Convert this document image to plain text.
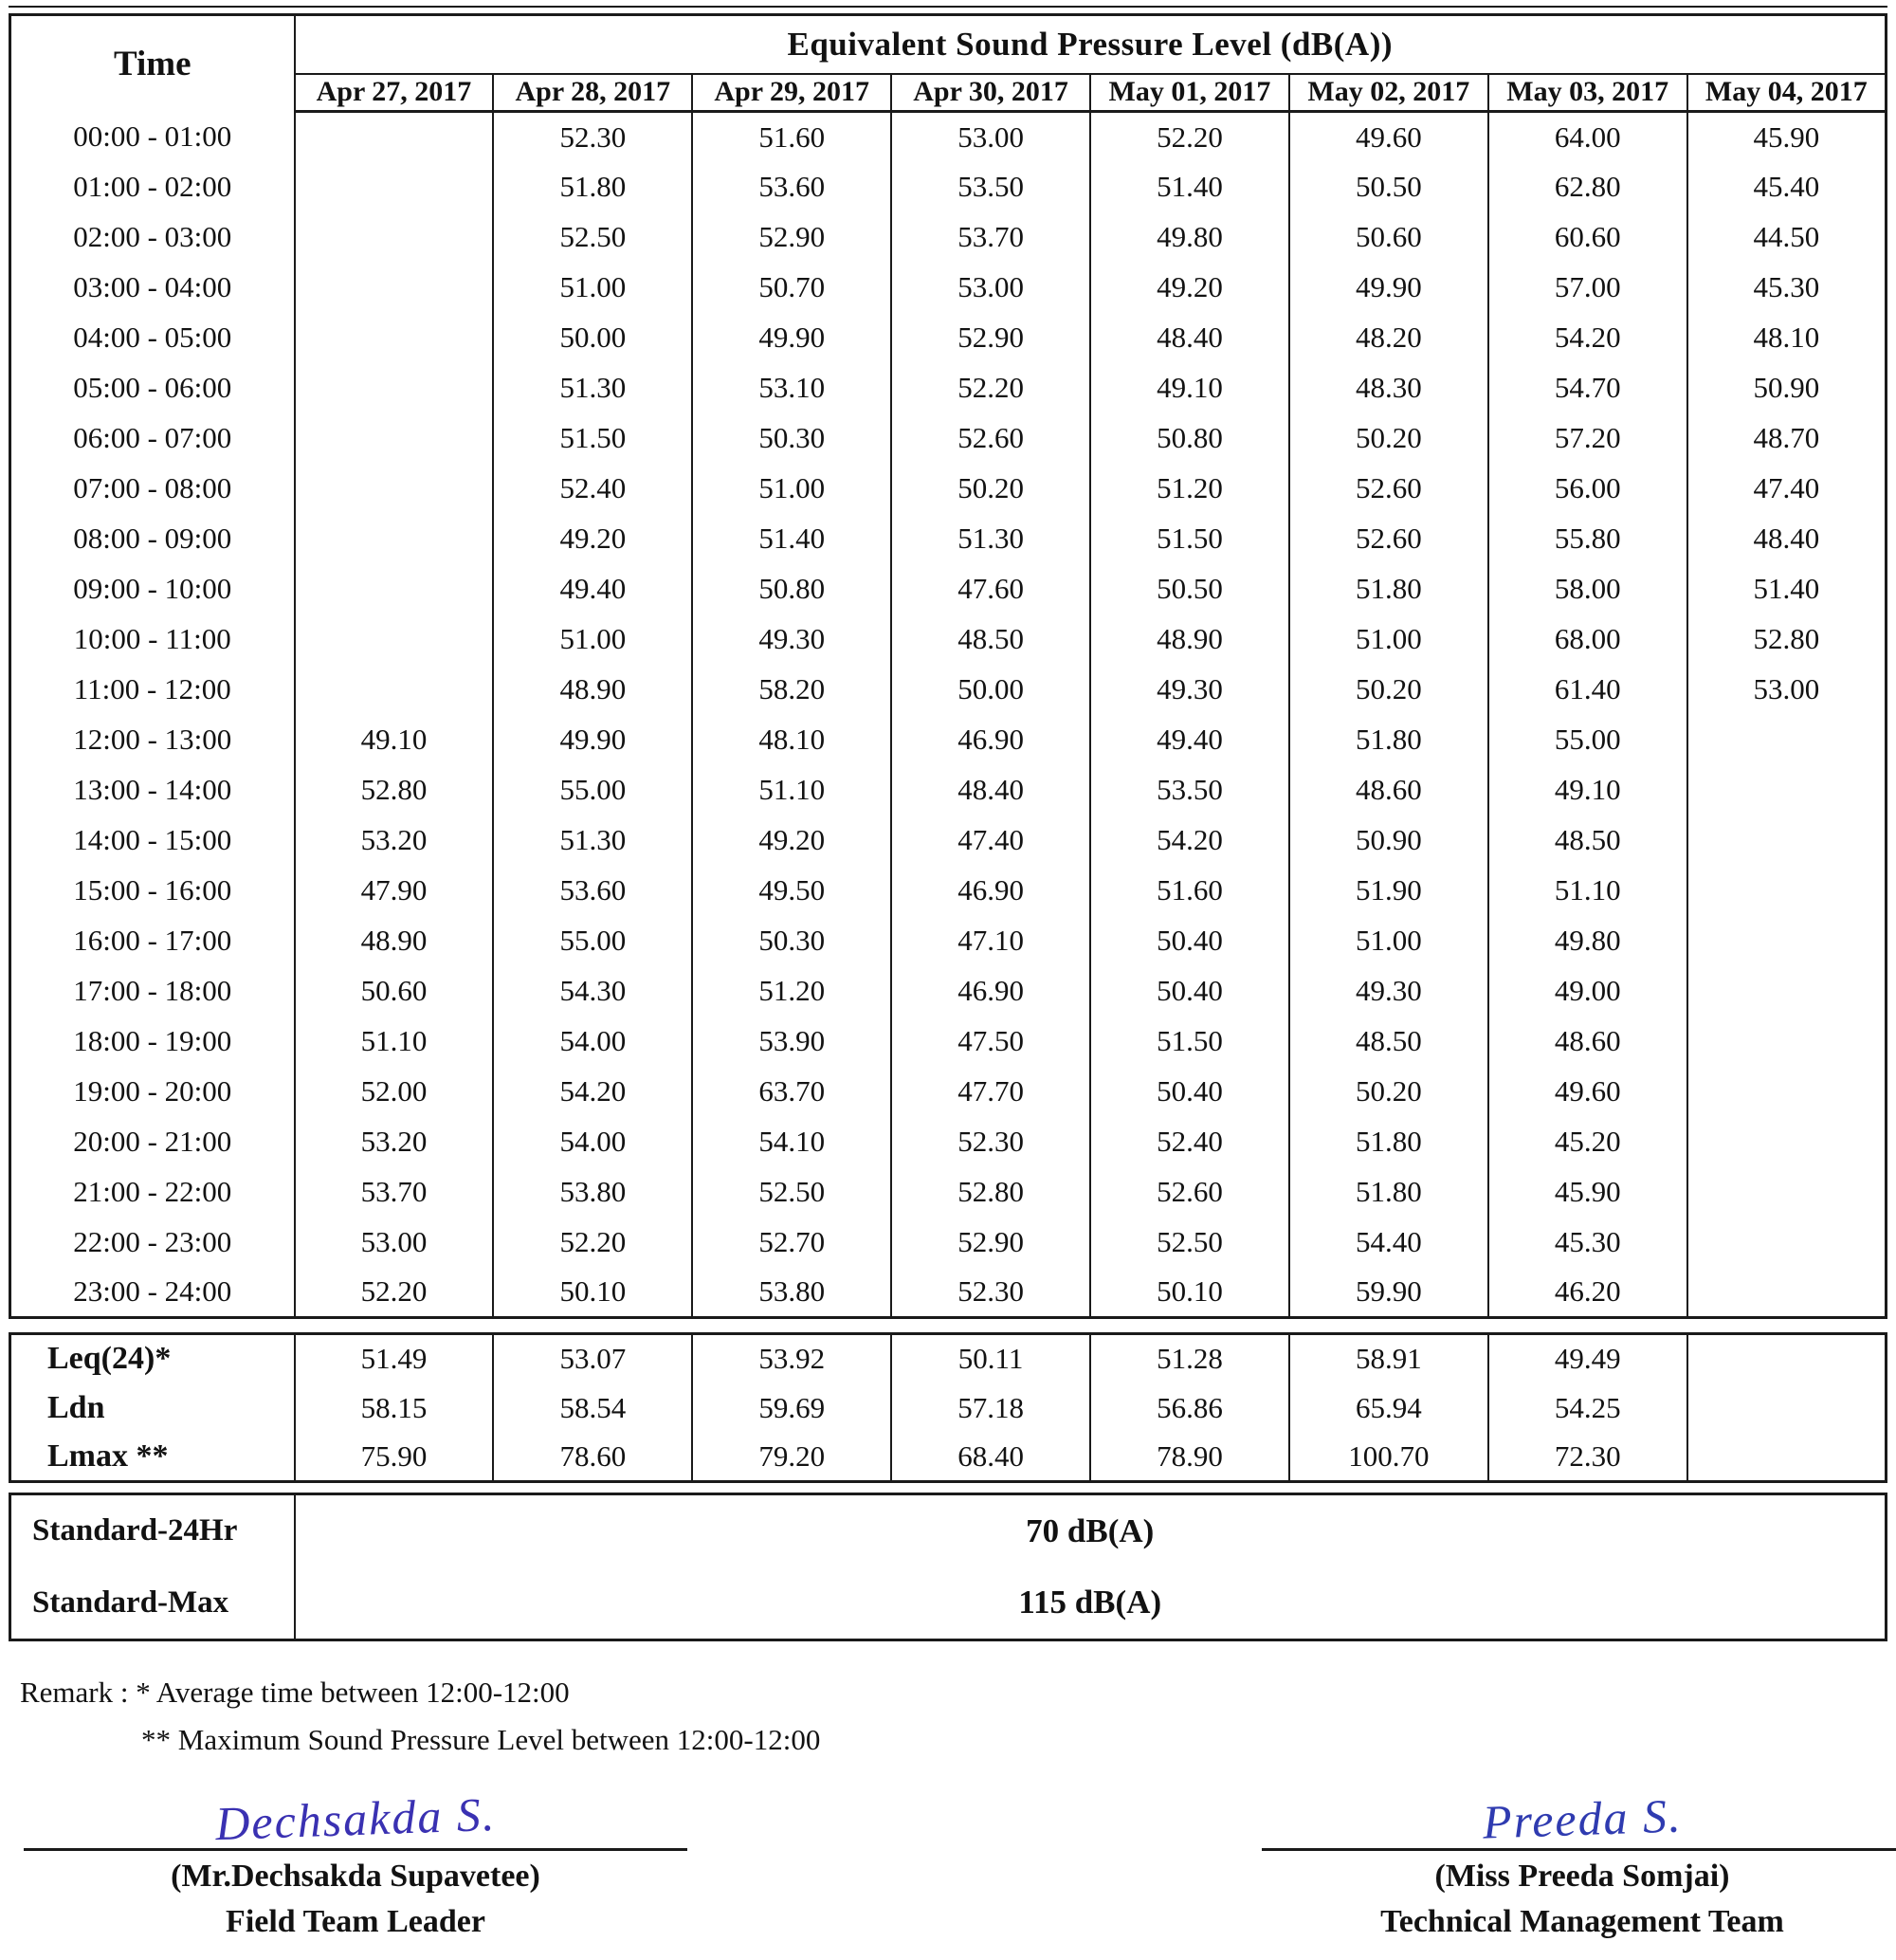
Time	Equivalent Sound Pressure Level (dB(A))							
	Apr 27, 2017	Apr 28, 2017	Apr 29, 2017	Apr 30, 2017	May 01, 2017	May 02, 2017	May 03, 2017	May 04, 2017
00:00 - 01:00		52.30	51.60	53.00	52.20	49.60	64.00	45.90
01:00 - 02:00		51.80	53.60	53.50	51.40	50.50	62.80	45.40
02:00 - 03:00		52.50	52.90	53.70	49.80	50.60	60.60	44.50
03:00 - 04:00		51.00	50.70	53.00	49.20	49.90	57.00	45.30
04:00 - 05:00		50.00	49.90	52.90	48.40	48.20	54.20	48.10
05:00 - 06:00		51.30	53.10	52.20	49.10	48.30	54.70	50.90
06:00 - 07:00		51.50	50.30	52.60	50.80	50.20	57.20	48.70
07:00 - 08:00		52.40	51.00	50.20	51.20	52.60	56.00	47.40
08:00 - 09:00		49.20	51.40	51.30	51.50	52.60	55.80	48.40
09:00 - 10:00		49.40	50.80	47.60	50.50	51.80	58.00	51.40
10:00 - 11:00		51.00	49.30	48.50	48.90	51.00	68.00	52.80
11:00 - 12:00		48.90	58.20	50.00	49.30	50.20	61.40	53.00
12:00 - 13:00	49.10	49.90	48.10	46.90	49.40	51.80	55.00	
13:00 - 14:00	52.80	55.00	51.10	48.40	53.50	48.60	49.10	
14:00 - 15:00	53.20	51.30	49.20	47.40	54.20	50.90	48.50	
15:00 - 16:00	47.90	53.60	49.50	46.90	51.60	51.90	51.10	
16:00 - 17:00	48.90	55.00	50.30	47.10	50.40	51.00	49.80	
17:00 - 18:00	50.60	54.30	51.20	46.90	50.40	49.30	49.00	
18:00 - 19:00	51.10	54.00	53.90	47.50	51.50	48.50	48.60	
19:00 - 20:00	52.00	54.20	63.70	47.70	50.40	50.20	49.60	
20:00 - 21:00	53.20	54.00	54.10	52.30	52.40	51.80	45.20	
21:00 - 22:00	53.70	53.80	52.50	52.80	52.60	51.80	45.90	
22:00 - 23:00	53.00	52.20	52.70	52.90	52.50	54.40	45.30	
23:00 - 24:00	52.20	50.10	53.80	52.30	50.10	59.90	46.20	
Leq(24)*	51.49	53.07	53.92	50.11	51.28	58.91	49.49	
Ldn	58.15	58.54	59.69	57.18	56.86	65.94	54.25	
Lmax **	75.90	78.60	79.20	68.40	78.90	100.70	72.30	
Standard-24Hr	70 dB(A)
Standard-Max	115 dB(A)
Remark : * Average time between 12:00-12:00
** Maximum Sound Pressure Level between 12:00-12:00
Dechsakda S.
(Mr.Dechsakda Supavetee)
Field Team Leader
Preeda S.
(Miss Preeda Somjai)
Technical Management Team
